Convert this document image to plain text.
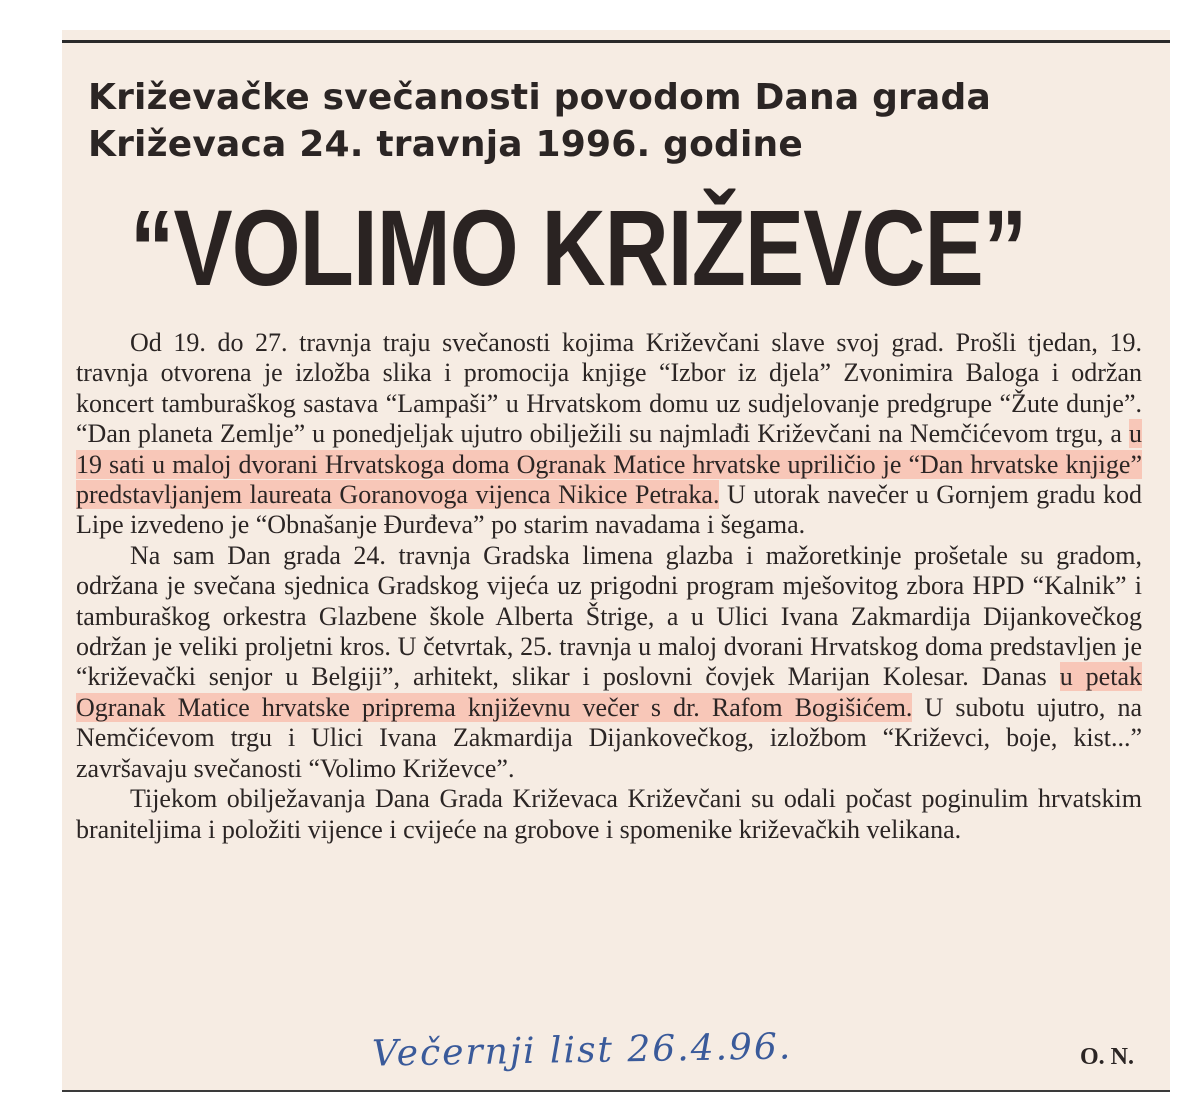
Križevačke svečanosti povodom Dana grada Križevaca 24. travnja 1996. godine
“VOLIMO KRIŽEVCE”

Od 19. do 27. travnja traju svečanosti kojima Križevčani slave svoj grad. Prošli tjedan, 19. travnja otvorena je izložba slika i promocija knjige “Izbor iz djela” Zvonimira Baloga i održan koncert tamburaškog sastava “Lampaši” u Hrvatskom domu uz sudjelovanje predgrupe “Žute dunje”. “Dan planeta Zemlje” u ponedjeljak ujutro obilježili su najmlađi Križevčani na Nemčićevom trgu, a u 19 sati u maloj dvorani Hrvatskoga doma Ogranak Matice hrvatske upriličio je “Dan hrvatske knjige” predstavljanjem laureata Goranovoga vijenca Nikice Petraka. U utorak navečer u Gornjem gradu kod Lipe izvedeno je “Obnašanje Đurđeva” po starim navadama i šegama.

Na sam Dan grada 24. travnja Gradska limena glazba i mažoretkinje prošetale su gradom, održana je svečana sjednica Gradskog vijeća uz prigodni program mješovitog zbora HPD “Kalnik” i tamburaškog orkestra Glazbene škole Alberta Štrige, a u Ulici Ivana Zakmardija Dijankovečkog održan je veliki proljetni kros. U četvrtak, 25. travnja u maloj dvorani Hrvatskog doma predstavljen je “križevački senjor u Belgiji”, arhitekt, slikar i poslovni čovjek Marijan Kolesar. Danas u petak Ogranak Matice hrvatske priprema književnu večer s dr. Rafom Bogišićem. U subotu ujutro, na Nemčićevom trgu i Ulici Ivana Zakmardija Dijankovečkog, izložbom “Križevci, boje, kist...” završavaju svečanosti “Volimo Križevce”.

Tijekom obilježavanja Dana Grada Križevaca Križevčani su odali počast poginulim hrvatskim braniteljima i položiti vijence i cvijeće na grobove i spomenike križevačkih velikana.

Večernji list 26.4.96.	O. N.
